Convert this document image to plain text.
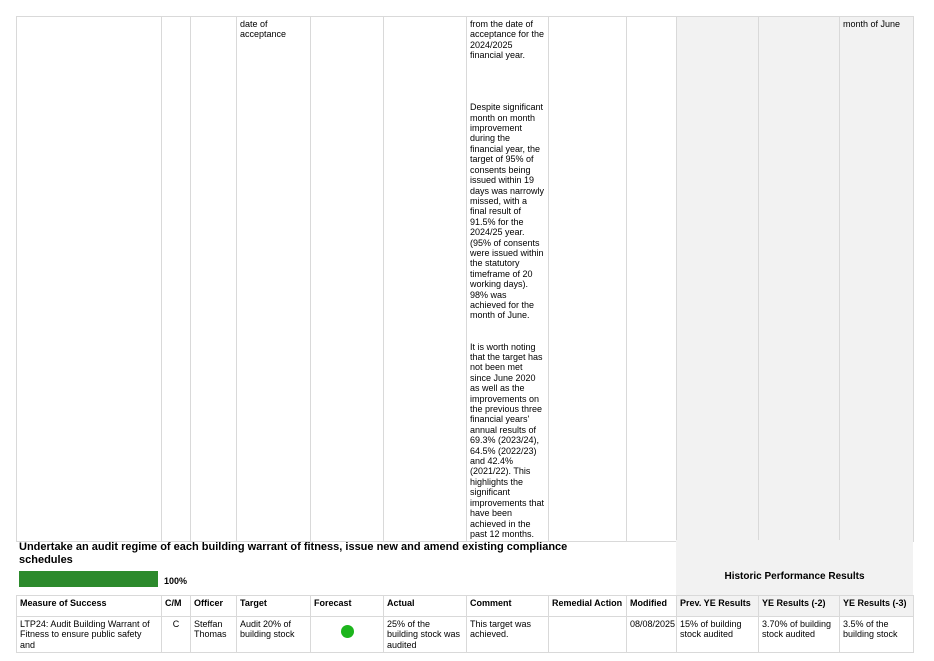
			date of acceptance			from the date of acceptance for the 2024/2025 financial year.

Despite significant month on month improvement during the financial year, the target of 95% of consents being issued within 19 days was narrowly missed, with a final result of 91.5% for the 2024/25 year. (95% of consents were issued within the statutory timeframe of 20 working days). 98% was achieved for the month of June.

It is worth noting that the target has not been met since June 2020 as well as the improvements on the previous three financial years' annual results of 69.3% (2023/24), 64.5% (2022/23) and 42.4% (2021/22). This highlights the significant improvements that have been achieved in the past 12 months.					month of June
Undertake an audit regime of each building warrant of fitness, issue new and amend existing compliance schedules
100%	Historic Performance Results
Measure of Success	C/M	Officer	Target	Forecast	Actual	Comment	Remedial Action	Modified	Prev. YE Results	YE Results (-2)	YE Results (-3)
LTP24: Audit Building Warrant of Fitness to ensure public safety and	C	Steffan Thomas	Audit 20% of building stock		25% of the building stock was audited	This target was achieved.		08/08/2025	15% of building stock audited	3.70% of building stock audited	3.5% of the building stock
